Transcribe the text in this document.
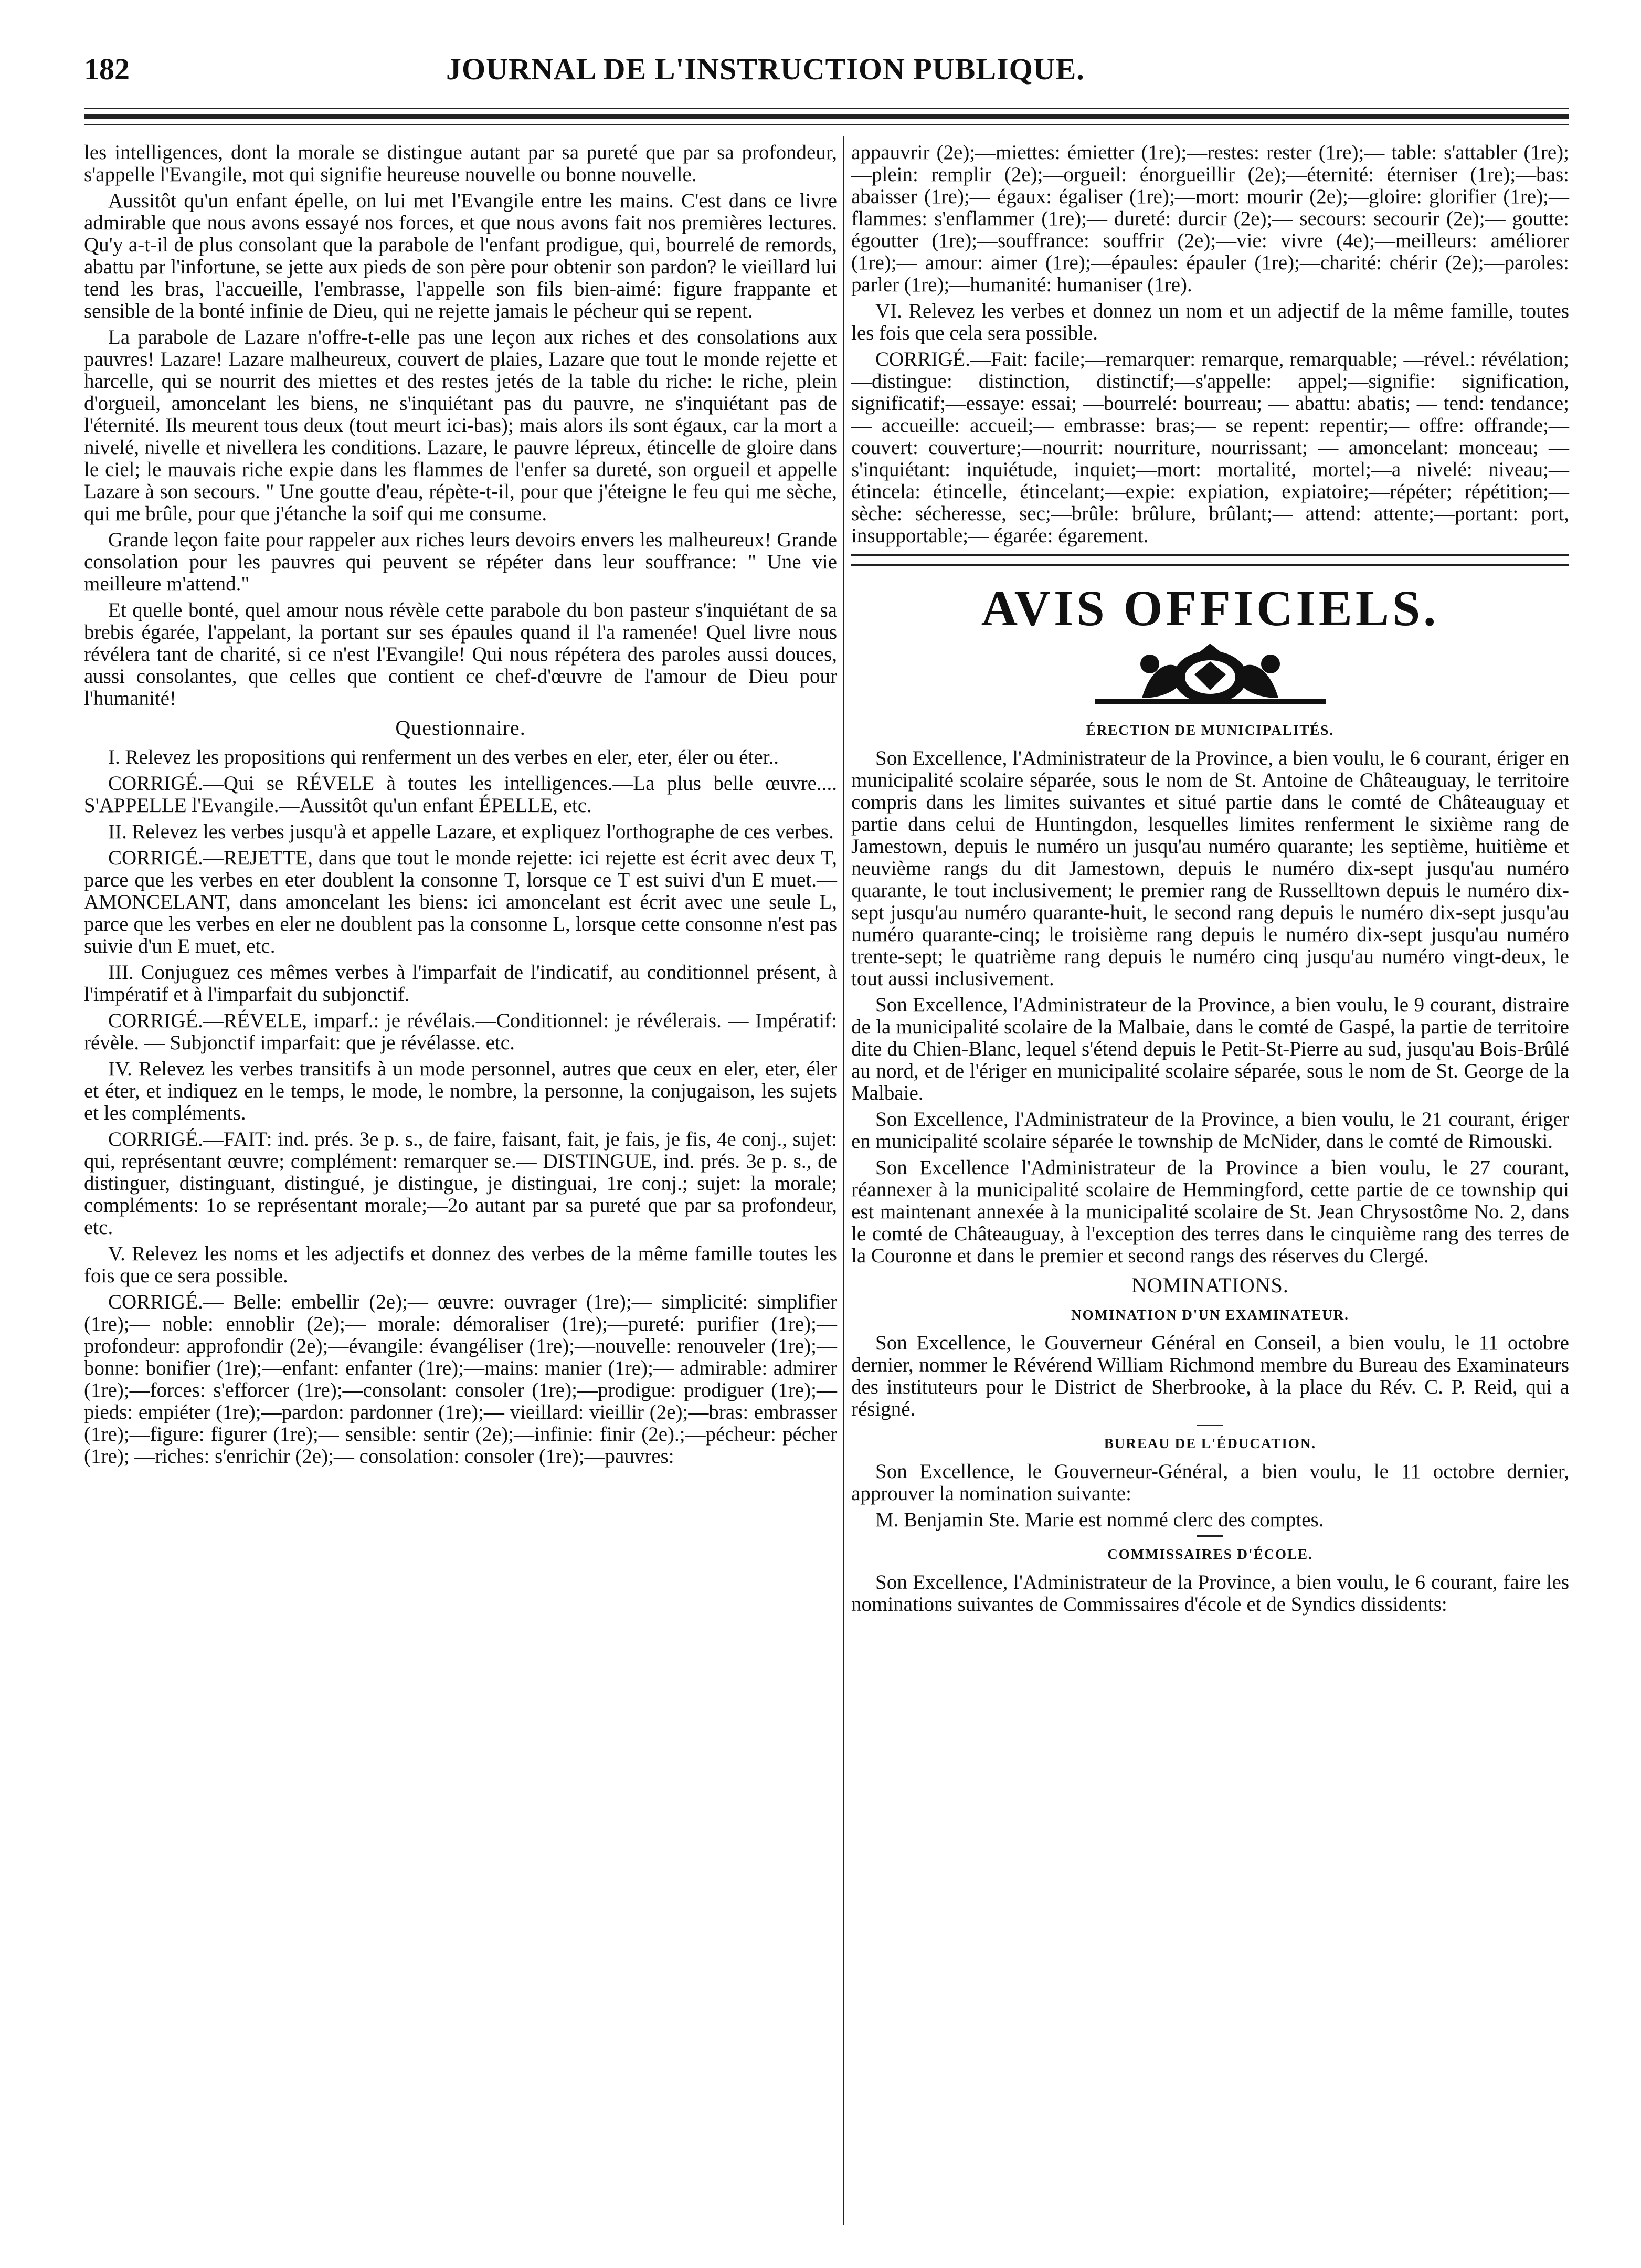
182	JOURNAL DE L'INSTRUCTION PUBLIQUE.

les intelligences, dont la morale se distingue autant par sa pureté que par sa profondeur, s'appelle l'Evangile, mot qui signifie heureuse nouvelle ou bonne nouvelle.

Aussitôt qu'un enfant épelle, on lui met l'Evangile entre les mains. C'est dans ce livre admirable que nous avons essayé nos forces, et que nous avons fait nos premières lectures. Qu'y a-t-il de plus consolant que la parabole de l'enfant prodigue, qui, bourrelé de remords, abattu par l'infortune, se jette aux pieds de son père pour obtenir son pardon? le vieillard lui tend les bras, l'accueille, l'embrasse, l'appelle son fils bien-aimé: figure frappante et sensible de la bonté infinie de Dieu, qui ne rejette jamais le pécheur qui se repent.

La parabole de Lazare n'offre-t-elle pas une leçon aux riches et des consolations aux pauvres! Lazare! Lazare malheureux, couvert de plaies, Lazare que tout le monde rejette et harcelle, qui se nourrit des miettes et des restes jetés de la table du riche: le riche, plein d'orgueil, amoncelant les biens, ne s'inquiétant pas du pauvre, ne s'inquiétant pas de l'éternité. Ils meurent tous deux (tout meurt ici-bas); mais alors ils sont égaux, car la mort a nivelé, nivelle et nivellera les conditions. Lazare, le pauvre lépreux, étincelle de gloire dans le ciel; le mauvais riche expie dans les flammes de l'enfer sa dureté, son orgueil et appelle Lazare à son secours. " Une goutte d'eau, répète-t-il, pour que j'éteigne le feu qui me sèche, qui me brûle, pour que j'étanche la soif qui me consume.

Grande leçon faite pour rappeler aux riches leurs devoirs envers les malheureux! Grande consolation pour les pauvres qui peuvent se répéter dans leur souffrance: " Une vie meilleure m'attend."

Et quelle bonté, quel amour nous révèle cette parabole du bon pasteur s'inquiétant de sa brebis égarée, l'appelant, la portant sur ses épaules quand il l'a ramenée! Quel livre nous révélera tant de charité, si ce n'est l'Evangile! Qui nous répétera des paroles aussi douces, aussi consolantes, que celles que contient ce chef-d'œuvre de l'amour de Dieu pour l'humanité!

Questionnaire.

I. Relevez les propositions qui renferment un des verbes en eler, eter, éler ou éter..

CORRIGÉ.—Qui se RÉVELE à toutes les intelligences.—La plus belle œuvre.... S'APPELLE l'Evangile.—Aussitôt qu'un enfant ÉPELLE, etc.

II. Relevez les verbes jusqu'à et appelle Lazare, et expliquez l'orthographe de ces verbes.

CORRIGÉ.—REJETTE, dans que tout le monde rejette: ici rejette est écrit avec deux T, parce que les verbes en eter doublent la consonne T, lorsque ce T est suivi d'un E muet.—AMONCELANT, dans amoncelant les biens: ici amoncelant est écrit avec une seule L, parce que les verbes en eler ne doublent pas la consonne L, lorsque cette consonne n'est pas suivie d'un E muet, etc.

III. Conjuguez ces mêmes verbes à l'imparfait de l'indicatif, au conditionnel présent, à l'impératif et à l'imparfait du subjonctif.

CORRIGÉ.—RÉVELE, imparf.: je révélais.—Conditionnel: je révélerais. — Impératif: révèle. — Subjonctif imparfait: que je révélasse. etc.

IV. Relevez les verbes transitifs à un mode personnel, autres que ceux en eler, eter, éler et éter, et indiquez en le temps, le mode, le nombre, la personne, la conjugaison, les sujets et les compléments.

CORRIGÉ.—FAIT: ind. prés. 3e p. s., de faire, faisant, fait, je fais, je fis, 4e conj., sujet: qui, représentant œuvre; complément: remarquer se.— DISTINGUE, ind. prés. 3e p. s., de distinguer, distinguant, distingué, je distingue, je distinguai, 1re conj.; sujet: la morale; compléments: 1o se représentant morale;—2o autant par sa pureté que par sa profondeur, etc.

V. Relevez les noms et les adjectifs et donnez des verbes de la même famille toutes les fois que ce sera possible.

CORRIGÉ.— Belle: embellir (2e);— œuvre: ouvrager (1re);— simplicité: simplifier (1re);— noble: ennoblir (2e);— morale: démoraliser (1re);—pureté: purifier (1re);—profondeur: approfondir (2e);—évangile: évangéliser (1re);—nouvelle: renouveler (1re);—bonne: bonifier (1re);—enfant: enfanter (1re);—mains: manier (1re);— admirable: admirer (1re);—forces: s'efforcer (1re);—consolant: consoler (1re);—prodigue: prodiguer (1re);— pieds: empiéter (1re);—pardon: pardonner (1re);— vieillard: vieillir (2e);—bras: embrasser (1re);—figure: figurer (1re);— sensible: sentir (2e);—infinie: finir (2e).;—pécheur: pécher (1re); —riches: s'enrichir (2e);— consolation: consoler (1re);—pauvres:

appauvrir (2e);—miettes: émietter (1re);—restes: rester (1re);— table: s'attabler (1re);—plein: remplir (2e);—orgueil: énorgueillir (2e);—éternité: éterniser (1re);—bas: abaisser (1re);— égaux: égaliser (1re);—mort: mourir (2e);—gloire: glorifier (1re);—flammes: s'enflammer (1re);— dureté: durcir (2e);— secours: secourir (2e);— goutte: égoutter (1re);—souffrance: souffrir (2e);—vie: vivre (4e);—meilleurs: améliorer (1re);— amour: aimer (1re);—épaules: épauler (1re);—charité: chérir (2e);—paroles: parler (1re);—humanité: humaniser (1re).

VI. Relevez les verbes et donnez un nom et un adjectif de la même famille, toutes les fois que cela sera possible.

CORRIGÉ.—Fait: facile;—remarquer: remarque, remarquable; —rével.: révélation;—distingue: distinction, distinctif;—s'appelle: appel;—signifie: signification, significatif;—essaye: essai; —bourrelé: bourreau; — abattu: abatis; — tend: tendance;— accueille: accueil;— embrasse: bras;— se repent: repentir;— offre: offrande;—couvert: couverture;—nourrit: nourriture, nourrissant; — amoncelant: monceau; — s'inquiétant: inquiétude, inquiet;—mort: mortalité, mortel;—a nivelé: niveau;—étincela: étincelle, étincelant;—expie: expiation, expiatoire;—répéter; répétition;—sèche: sécheresse, sec;—brûle: brûlure, brûlant;— attend: attente;—portant: port, insupportable;— égarée: égarement.

AVIS OFFICIELS.
ÉRECTION DE MUNICIPALITÉS.

Son Excellence, l'Administrateur de la Province, a bien voulu, le 6 courant, ériger en municipalité scolaire séparée, sous le nom de St. Antoine de Châteauguay, le territoire compris dans les limites suivantes et situé partie dans le comté de Châteauguay et partie dans celui de Huntingdon, lesquelles limites renferment le sixième rang de Jamestown, depuis le numéro un jusqu'au numéro quarante; les septième, huitième et neuvième rangs du dit Jamestown, depuis le numéro dix-sept jusqu'au numéro quarante, le tout inclusivement; le premier rang de Russelltown depuis le numéro dix-sept jusqu'au numéro quarante-huit, le second rang depuis le numéro dix-sept jusqu'au numéro quarante-cinq; le troisième rang depuis le numéro dix-sept jusqu'au numéro trente-sept; le quatrième rang depuis le numéro cinq jusqu'au numéro vingt-deux, le tout aussi inclusivement.

Son Excellence, l'Administrateur de la Province, a bien voulu, le 9 courant, distraire de la municipalité scolaire de la Malbaie, dans le comté de Gaspé, la partie de territoire dite du Chien-Blanc, lequel s'étend depuis le Petit-St-Pierre au sud, jusqu'au Bois-Brûlé au nord, et de l'ériger en municipalité scolaire séparée, sous le nom de St. George de la Malbaie.

Son Excellence, l'Administrateur de la Province, a bien voulu, le 21 courant, ériger en municipalité scolaire séparée le township de McNider, dans le comté de Rimouski.

Son Excellence l'Administrateur de la Province a bien voulu, le 27 courant, réannexer à la municipalité scolaire de Hemmingford, cette partie de ce township qui est maintenant annexée à la municipalité scolaire de St. Jean Chrysostôme No. 2, dans le comté de Châteauguay, à l'exception des terres dans le cinquième rang des terres de la Couronne et dans le premier et second rangs des réserves du Clergé.

NOMINATIONS.
NOMINATION D'UN EXAMINATEUR.

Son Excellence, le Gouverneur Général en Conseil, a bien voulu, le 11 octobre dernier, nommer le Révérend William Richmond membre du Bureau des Examinateurs des instituteurs pour le District de Sherbrooke, à la place du Rév. C. P. Reid, qui a résigné.

BUREAU DE L'ÉDUCATION.

Son Excellence, le Gouverneur-Général, a bien voulu, le 11 octobre dernier, approuver la nomination suivante:

M. Benjamin Ste. Marie est nommé clerc des comptes.

COMMISSAIRES D'ÉCOLE.

Son Excellence, l'Administrateur de la Province, a bien voulu, le 6 courant, faire les nominations suivantes de Commissaires d'école et de Syndics dissidents:
